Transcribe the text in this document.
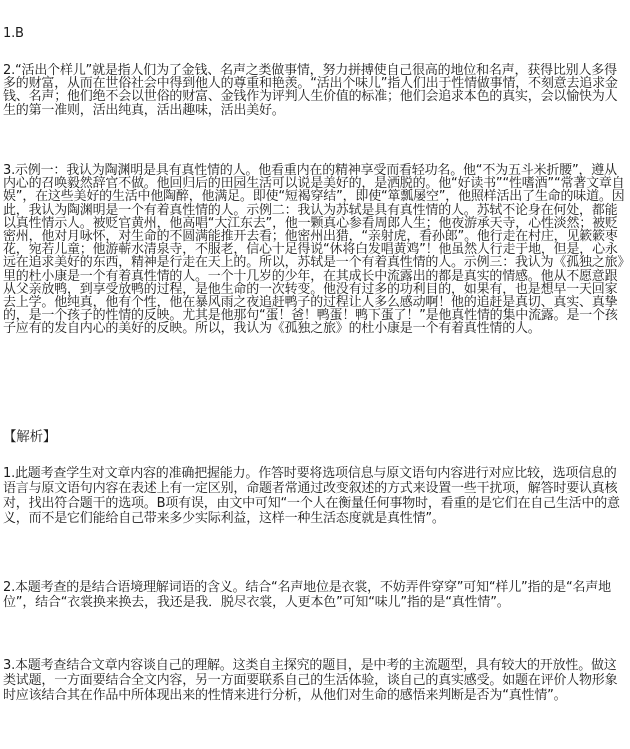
1.B

2.“活出个样儿”就是指人们为了金钱、名声之类做事情，努力拼搏使自己很高的地位和名声，获得比别人多得多的财富，从而在世俗社会中得到他人的尊重和艳羡。“活出个味儿”指人们出于性情做事情，不刻意去追求金钱、名声；他们绝不会以世俗的财富、金钱作为评判人生价值的标准；他们会追求本色的真实，会以愉快为人生的第一准则，活出纯真，活出趣味，活出美好。

3.示例一：我认为陶渊明是具有真性情的人。他看重内在的精神享受而看轻功名。他“不为五斗米折腰”，遵从内心的召唤毅然辞官不做。他回归后的田园生活可以说是美好的，是洒脱的。他“好读书”“性嗜酒”“常著文章自娱”，在这些美好的生活中他陶醉，他满足。即使“短褐穿结”，即使“箪瓢屡空”，他照样活出了生命的味道。因此，我认为陶渊明是一个有着真性情的人。示例二：我认为苏轼是具有真性情的人。苏轼不论身在何处，都能以真性情示人。被贬官黄州，他高唱“大江东去”，他一颗真心参看周郎人生；他夜游承天寺，心性淡然；被贬密州，他对月咏怀，对生命的不圆满能推开去看；他密州出猎，“亲射虎，看孙郎”。他行走在村庄，见簌簌枣花，宛若儿童；他游蕲水清泉寺，不服老，信心十足得说“休将白发唱黄鸡”！他虽然人行走于地，但是，心永远在追求美好的东西，精神是行走在天上的。所以，苏轼是一个有着真性情的人。示例三：我认为《孤独之旅》里的杜小康是一个有着真性情的人。一个十几岁的少年，在其成长中流露出的都是真实的情感。他从不愿意跟从父亲放鸭，到享受放鸭的过程，是他生命的一次转变。他没有过多的功利目的，如果有，也是想早一天回家去上学。他纯真，他有个性，他在暴风雨之夜追赶鸭子的过程让人多么感动啊！他的追赶是真切、真实、真挚的，是一个孩子的性情的反映。尤其是他那句“蛋！爸！鸭蛋！鸭下蛋了！”是他真性情的集中流露。是一个孩子应有的发自内心的美好的反映。所以，我认为《孤独之旅》的杜小康是一个有着真性情的人。

【解析】

1.此题考查学生对文章内容的准确把握能力。作答时要将选项信息与原文语句内容进行对应比较，选项信息的语言与原文语句内容在表述上有一定区别，命题者常通过改变叙述的方式来设置一些干扰项，解答时要认真核对，找出符合题干的选项。B项有误，由文中可知“一个人在衡量任何事物时，看重的是它们在自己生活中的意义，而不是它们能给自己带来多少实际利益，这样一种生活态度就是真性情”。

2.本题考查的是结合语境理解词语的含义。结合“名声地位是衣裳，不妨弄件穿穿”可知“样儿”指的是“名声地位”，结合“衣裳换来换去，我还是我．脱尽衣裳，人更本色”可知“味儿”指的是“真性情”。

3.本题考查结合文章内容谈自己的理解。这类自主探究的题目，是中考的主流题型，具有较大的开放性。做这类试题，一方面要结合全文内容，另一方面要联系自己的生活体验，谈自己的真实感受。如题在评价人物形象时应该结合其在作品中所体现出来的性情来进行分析，从他们对生命的感悟来判断是否为“真性情”。
